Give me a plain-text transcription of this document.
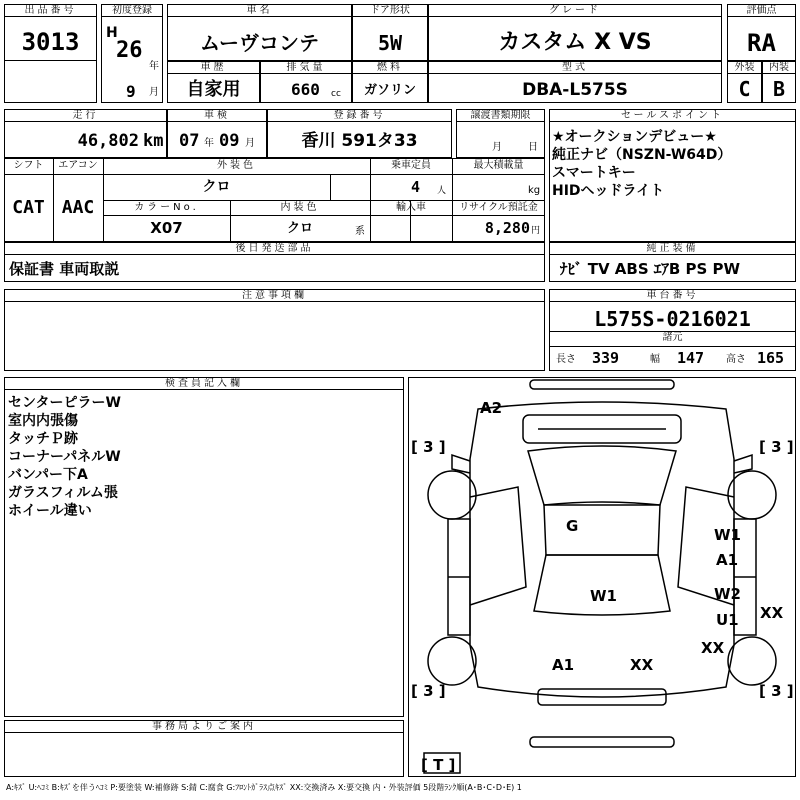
出品番号
3013
初度登録
H
26
年
9 月
車名
ムーヴコンテ
ドア形状
5W
グレード
カスタム X VS
評価点
RA
車歴
自家用
排気量
660 cc
燃料
ガソリン
型式
DBA-L575S
外装
C
内装
B
走行
46,802 km
車検
07 年 09 月
登録番号
香川 591タ33
譲渡書類期限
月	日
シフト
CAT
エアコン
AAC
外装色
クロ
乗車定員
4 人
最大積載量
kg
カラーNo.
X07
内装色
クロ	系
輸入車	リサイクル預託金
8,280 円
セールスポイント
★オークションデビュー★
純正ナビ（NSZN-W64D）
スマートキー
HIDヘッドライト
後日発送部品
保証書 車両取説
純正装備
ﾅﾋﾞ TV ABS ｴｱB PS PW
注意事項欄	車台番号
L575S-0216021
諸元
長さ 339	幅 147 高さ 165
検査員記入欄
センターピラーW
室内内張傷
タッチＰ跡
コーナーパネルW
バンパー下A
ガラスフィルム張
ホイール違い
事務局よりご案内
[ 3 ]	[ 3 ]
[ 3 ]	[ 3 ]
[ T ]
A2
G	W1
A1
W1	W2
U1 XX
XX
A1	XX
A:ｷｽﾞ U:ﾍｺﾐ B:ｷｽﾞを伴うﾍｺﾐ P:要塗装 W:補修跡 S:錆 C:腐食 G:ﾌﾛﾝﾄｶﾞﾗｽ点ｷｽﾞ XX:交換済み X:要交換 内・外装評価 5段階ﾗﾝｸ順(A･B･C･D･E) 1
